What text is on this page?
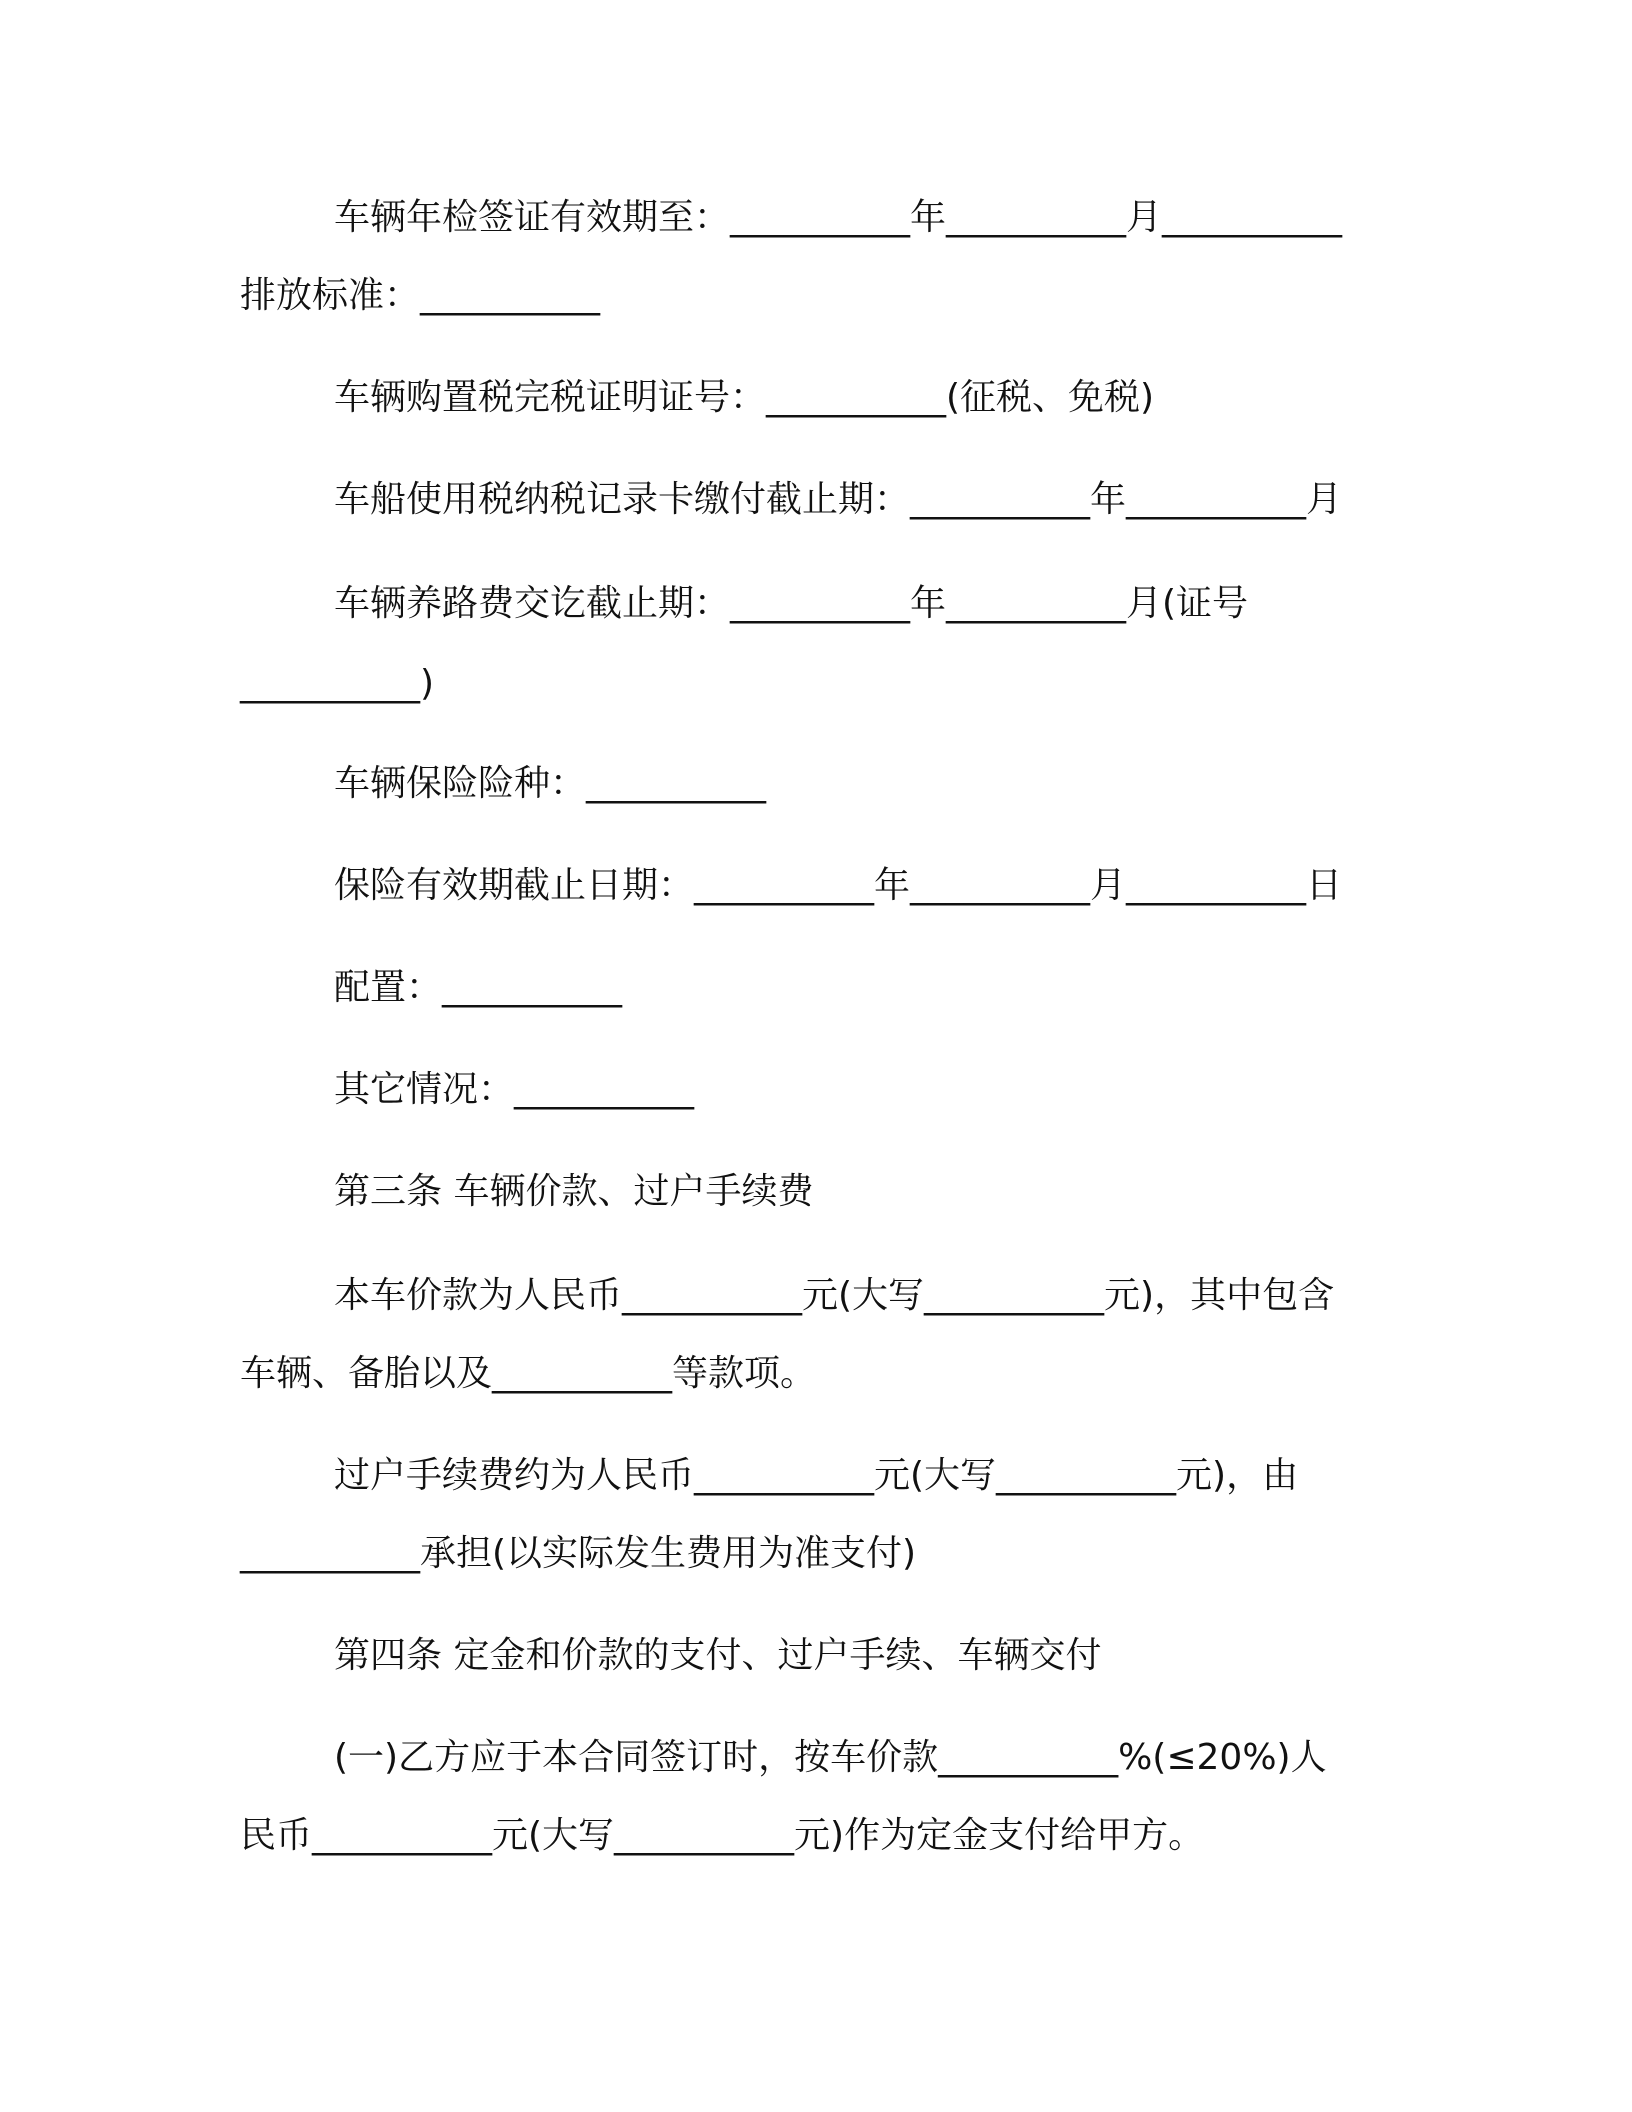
车辆年检签证有效期至：__________年__________月__________
排放标准：__________
车辆购置税完税证明证号：__________(征税、免税)
车船使用税纳税记录卡缴付截止期：__________年__________月
车辆养路费交讫截止期：__________年__________月(证号
__________)
车辆保险险种：__________
保险有效期截止日期：__________年__________月__________日
配置：__________
其它情况：__________
第三条 车辆价款、过户手续费
本车价款为人民币__________元(大写__________元)，其中包含
车辆、备胎以及__________等款项。
过户手续费约为人民币__________元(大写__________元)，由
__________承担(以实际发生费用为准支付)
第四条 定金和价款的支付、过户手续、车辆交付
(一)乙方应于本合同签订时，按车价款__________%(≤20%)人
民币__________元(大写__________元)作为定金支付给甲方。
